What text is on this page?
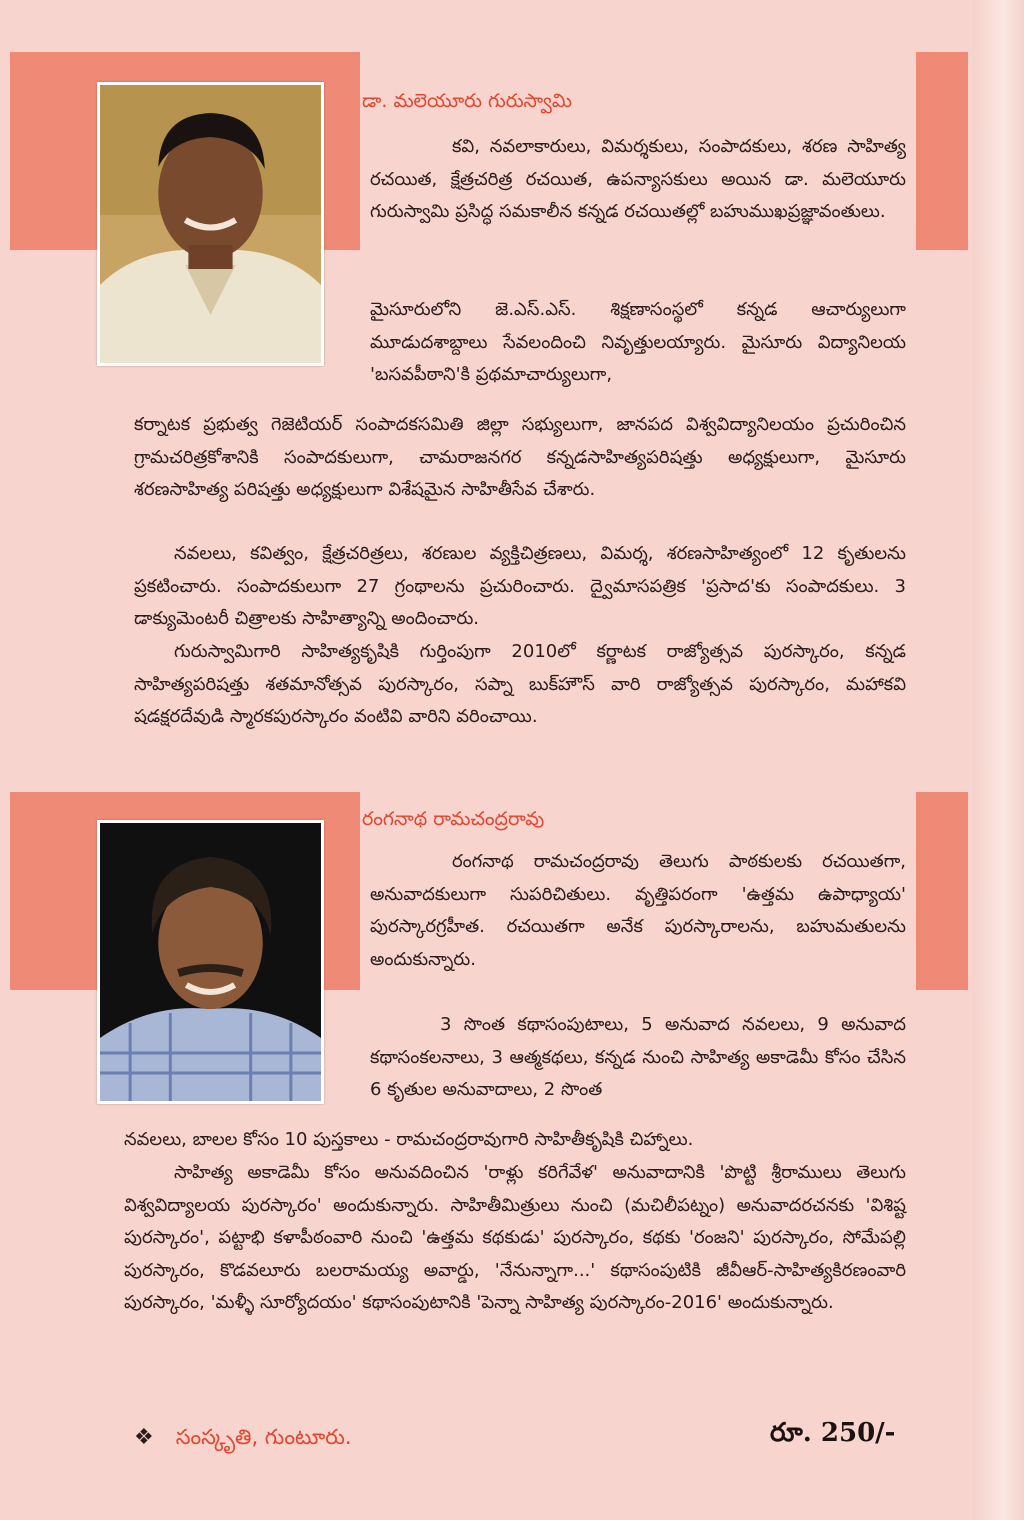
డా. మలెయూరు గురుస్వామి

కవి, నవలాకారులు, విమర్శకులు, సంపాదకులు, శరణ సాహిత్య రచయిత, క్షేత్రచరిత్ర రచయిత, ఉపన్యాసకులు అయిన డా. మలెయూరు గురుస్వామి ప్రసిద్ధ సమకాలీన కన్నడ రచయితల్లో బహుముఖప్రజ్ఞావంతులు.

మైసూరులోని జె.ఎస్.ఎస్. శిక్షణాసంస్థలో కన్నడ ఆచార్యులుగా మూడుదశాబ్దాలు సేవలందించి నివృత్తులయ్యారు. మైసూరు విద్యానిలయ 'బసవపీఠాని'కి ప్రథమాచార్యులుగా,

కర్నాటక ప్రభుత్వ గెజెటియర్ సంపాదకసమితి జిల్లా సభ్యులుగా, జానపద విశ్వవిద్యానిలయం ప్రచురించిన గ్రామచరిత్రకోశానికి సంపాదకులుగా, చామరాజనగర కన్నడసాహిత్యపరిషత్తు అధ్యక్షులుగా, మైసూరు శరణసాహిత్య పరిషత్తు అధ్యక్షులుగా విశేషమైన సాహితీసేవ చేశారు.

నవలలు, కవిత్వం, క్షేత్రచరిత్రలు, శరణుల వ్యక్తిచిత్రణలు, విమర్శ, శరణసాహిత్యంలో 12 కృతులను ప్రకటించారు. సంపాదకులుగా 27 గ్రంథాలను ప్రచురించారు. ద్వైమాసపత్రిక 'ప్రసాద'కు సంపాదకులు. 3 డాక్యుమెంటరీ చిత్రాలకు సాహిత్యాన్ని అందించారు.

గురుస్వామిగారి సాహిత్యకృషికి గుర్తింపుగా 2010లో కర్ణాటక రాజ్యోత్సవ పురస్కారం, కన్నడ సాహిత్యపరిషత్తు శతమానోత్సవ పురస్కారం, సప్నా బుక్‌హౌస్ వారి రాజ్యోత్సవ పురస్కారం, మహాకవి షడక్షరదేవుడి స్మారకపురస్కారం వంటివి వారిని వరించాయి.

రంగనాథ రామచంద్రరావు

రంగనాథ రామచంద్రరావు తెలుగు పాఠకులకు రచయితగా, అనువాదకులుగా సుపరిచితులు. వృత్తిపరంగా 'ఉత్తమ ఉపాధ్యాయ' పురస్కారగ్రహీత. రచయితగా అనేక పురస్కారాలను, బహుమతులను అందుకున్నారు.

3 సొంత కథాసంపుటాలు, 5 అనువాద నవలలు, 9 అనువాద కథాసంకలనాలు, 3 ఆత్మకథలు, కన్నడ నుంచి సాహిత్య అకాడెమీ కోసం చేసిన 6 కృతుల అనువాదాలు, 2 సొంత

నవలలు, బాలల కోసం 10 పుస్తకాలు - రామచంద్రరావుగారి సాహితీకృషికి చిహ్నాలు.

సాహిత్య అకాడెమీ కోసం అనువదించిన 'రాళ్లు కరిగేవేళ' అనువాదానికి 'పొట్టి శ్రీరాములు తెలుగు విశ్వవిద్యాలయ పురస్కారం' అందుకున్నారు. సాహితీమిత్రులు నుంచి (మచిలీపట్నం) అనువాదరచనకు 'విశిష్ట పురస్కారం', పట్టాభి కళాపీఠంవారి నుంచి 'ఉత్తమ కథకుడు' పురస్కారం, కథకు 'రంజని' పురస్కారం, సోమేపల్లి పురస్కారం, కొడవలూరు బలరామయ్య అవార్డు, 'నేనున్నాగా...' కథాసంపుటికి జీవీఆర్-సాహిత్యకిరణంవారి పురస్కారం, 'మళ్ళీ సూర్యోదయం' కథాసంపుటానికి 'పెన్నా సాహిత్య పురస్కారం-2016' అందుకున్నారు.

❖ సంస్కృతి, గుంటూరు.	రూ. 250/-
